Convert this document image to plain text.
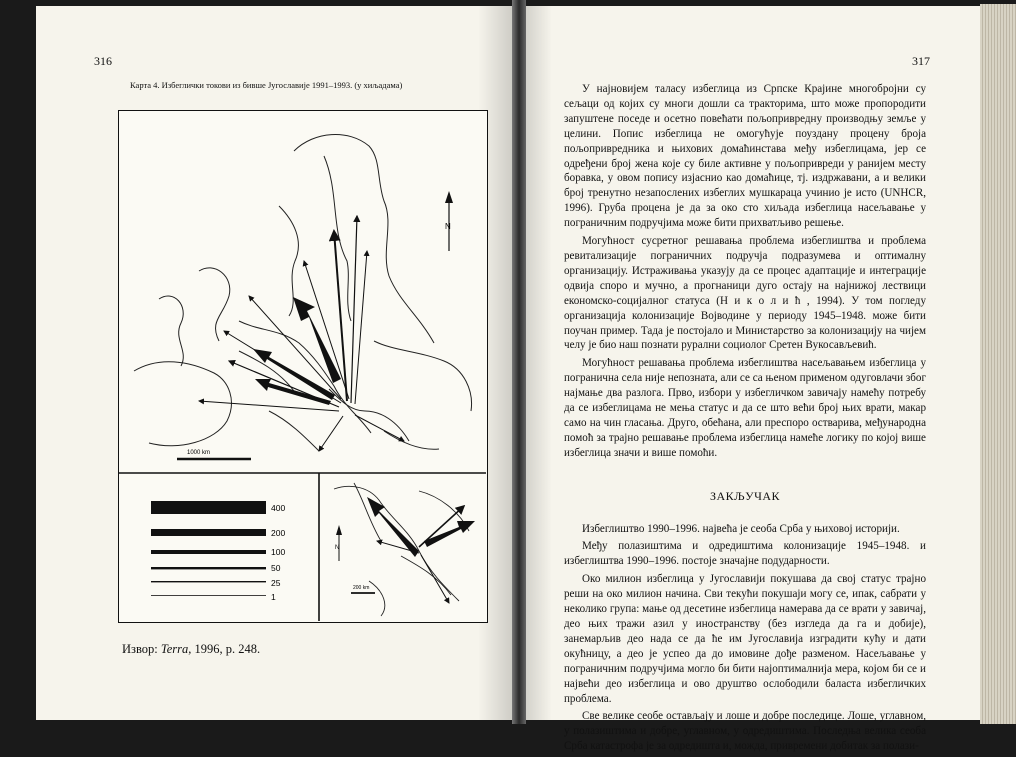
316
Карта 4. Избеглички токови из бивше Југославије 1991–1993. (у хиљадама)
N
1000 km
400
200
100
50
25
1
N
200 km
Извор: Terra, 1996, p. 248.
317

У најновијем таласу избеглица из Српске Крајине многобројни су сељаци од којих су многи дошли са тракторима, што може пропородити запуштене поседе и осетно повећати пољопривредну производњу земље у целини. Попис избеглица не омогућује поуздану процену броја пољопривредника и њихових домаћинстава међу избеглицама, јер се одређени број жена које су биле активне у пољопривреди у ранијем месту боравка, у овом попису изјаснио као домаћице, тј. издржавани, а и велики број тренутно незапослених избеглих мушкараца учинио је исто (UNHCR, 1996). Груба процена је да за око сто хиљада избеглица насељавање у пограничним подручјима може бити прихватљиво решење.

Могућност сусретног решавања проблема избеглиштва и проблема ревитализације пограничних подручја подразумева и оптималну организацију. Истраживања указују да се процес адаптације и интеграције одвија споро и мучно, а прогнаници дуго остају на најнижој лествици економско-социјалног статуса (Н и к о л и ћ , 1994). У том погледу организација колонизације Војводине у периоду 1945–1948. може бити поучан пример. Тада је постојало и Министарство за колонизацију на чијем челу је био наш познати рурални социолог Сретен Вукосављевић.

Могућност решавања проблема избеглиштва насељавањем избеглица у погранична села није непозната, али се са њеном применом одуговлачи због најмање два разлога. Прво, избори у избегличком завичају намећу потребу да се избеглицама не мења статус и да се што већи број њих врати, макар само на чин гласања. Друго, обећана, али преспоро остварива, међународна помоћ за трајно решавање проблема избеглица намеће логику по којој више избеглица значи и више помоћи.

ЗАКЉУЧАК

Избеглиштво 1990–1996. највећа је сеоба Срба у њиховој историји.

Међу полазиштима и одредиштима колонизације 1945–1948. и избеглиштва 1990–1996. постоје значајне подударности.

Око милион избеглица у Југославији покушава да свој статус трајно реши на око милион начина. Сви текући покушаји могу се, ипак, сабрати у неколико група: мање од десетине избеглица намерава да се врати у завичај, део њих тражи азил у иностранству (без изгледа да га и добије), занемарљив део нада се да ће им Југославија изградити кућу и дати окућницу, а део је успео да до имовине дође разменом. Насељавање у пограничним подручјима могло би бити најоптималнија мера, којом би се и највећи део избеглица и ово друштво ослободили баласта избегличких проблема.

Све велике сеобе остављају и лоше и добре последице. Лоше, углавном, у полазиштима и добре, углавном, у одредиштима. Последња велика сеоба Срба катастрофа је за одредишта и, можда, привремени добитак за полази-
